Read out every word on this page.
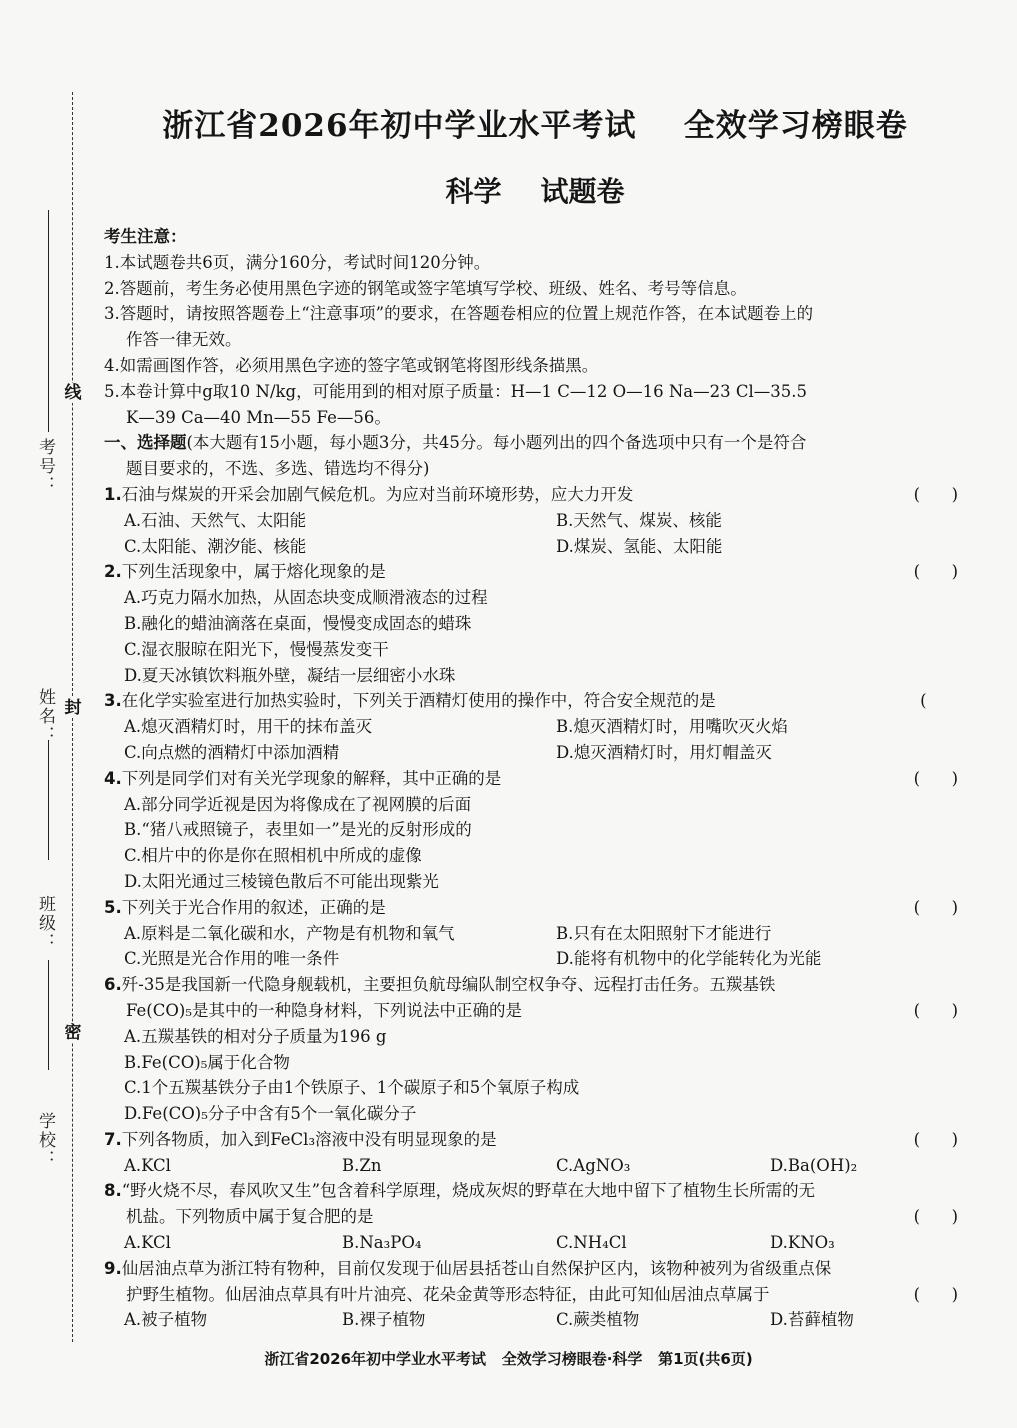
考号：
姓名：
班级：
学校：
线
封
密
浙江省2026年初中学业水平考试    全效学习榜眼卷
科学    试题卷

考生注意：

1.本试题卷共6页，满分160分，考试时间120分钟。

2.答题前，考生务必使用黑色字迹的钢笔或签字笔填写学校、班级、姓名、考号等信息。

3.答题时，请按照答题卷上“注意事项”的要求，在答题卷相应的位置上规范作答，在本试题卷上的

作答一律无效。

4.如需画图作答，必须用黑色字迹的签字笔或钢笔将图形线条描黑。

5.本卷计算中g取10 N/kg，可能用到的相对原子质量：H—1 C—12 O—16 Na—23 Cl—35.5

K—39 Ca—40 Mn—55 Fe—56。

一、选择题(本大题有15小题，每小题3分，共45分。每小题列出的四个备选项中只有一个是符合

题目要求的，不选、多选、错选均不得分)

1.石油与煤炭的开采会加剧气候危机。为应对当前环境形势，应大力开发	(      )
A.石油、天然气、太阳能	B.天然气、煤炭、核能
C.太阳能、潮汐能、核能	D.煤炭、氢能、太阳能
2.下列生活现象中，属于熔化现象的是	(      )

A.巧克力隔水加热，从固态块变成顺滑液态的过程

B.融化的蜡油滴落在桌面，慢慢变成固态的蜡珠

C.湿衣服晾在阳光下，慢慢蒸发变干

D.夏天冰镇饮料瓶外壁，凝结一层细密小水珠

3.在化学实验室进行加热实验时，下列关于酒精灯使用的操作中，符合安全规范的是	(
A.熄灭酒精灯时，用干的抹布盖灭	B.熄灭酒精灯时，用嘴吹灭火焰
C.向点燃的酒精灯中添加酒精	D.熄灭酒精灯时，用灯帽盖灭
4.下列是同学们对有关光学现象的解释，其中正确的是	(      )

A.部分同学近视是因为将像成在了视网膜的后面

B.“猪八戒照镜子，表里如一”是光的反射形成的

C.相片中的你是你在照相机中所成的虚像

D.太阳光通过三棱镜色散后不可能出现紫光

5.下列关于光合作用的叙述，正确的是	(      )
A.原料是二氧化碳和水，产物是有机物和氧气	B.只有在太阳照射下才能进行
C.光照是光合作用的唯一条件	D.能将有机物中的化学能转化为光能

6.歼-35是我国新一代隐身舰载机，主要担负航母编队制空权争夺、远程打击任务。五羰基铁

Fe(CO)₅是其中的一种隐身材料，下列说法中正确的是	(      )

A.五羰基铁的相对分子质量为196 g

B.Fe(CO)₅属于化合物

C.1个五羰基铁分子由1个铁原子、1个碳原子和5个氧原子构成

D.Fe(CO)₅分子中含有5个一氧化碳分子

7.下列各物质，加入到FeCl₃溶液中没有明显现象的是	(      )
A.KCl	B.Zn	C.AgNO₃	D.Ba(OH)₂

8.“野火烧不尽，春风吹又生”包含着科学原理，烧成灰烬的野草在大地中留下了植物生长所需的无

机盐。下列物质中属于复合肥的是	(      )
A.KCl	B.Na₃PO₄	C.NH₄Cl	D.KNO₃

9.仙居油点草为浙江特有物种，目前仅发现于仙居县括苍山自然保护区内，该物种被列为省级重点保

护野生植物。仙居油点草具有叶片油亮、花朵金黄等形态特征，由此可知仙居油点草属于	(      )
A.被子植物	B.裸子植物	C.蕨类植物	D.苔藓植物
浙江省2026年初中学业水平考试   全效学习榜眼卷·科学   第1页(共6页)
